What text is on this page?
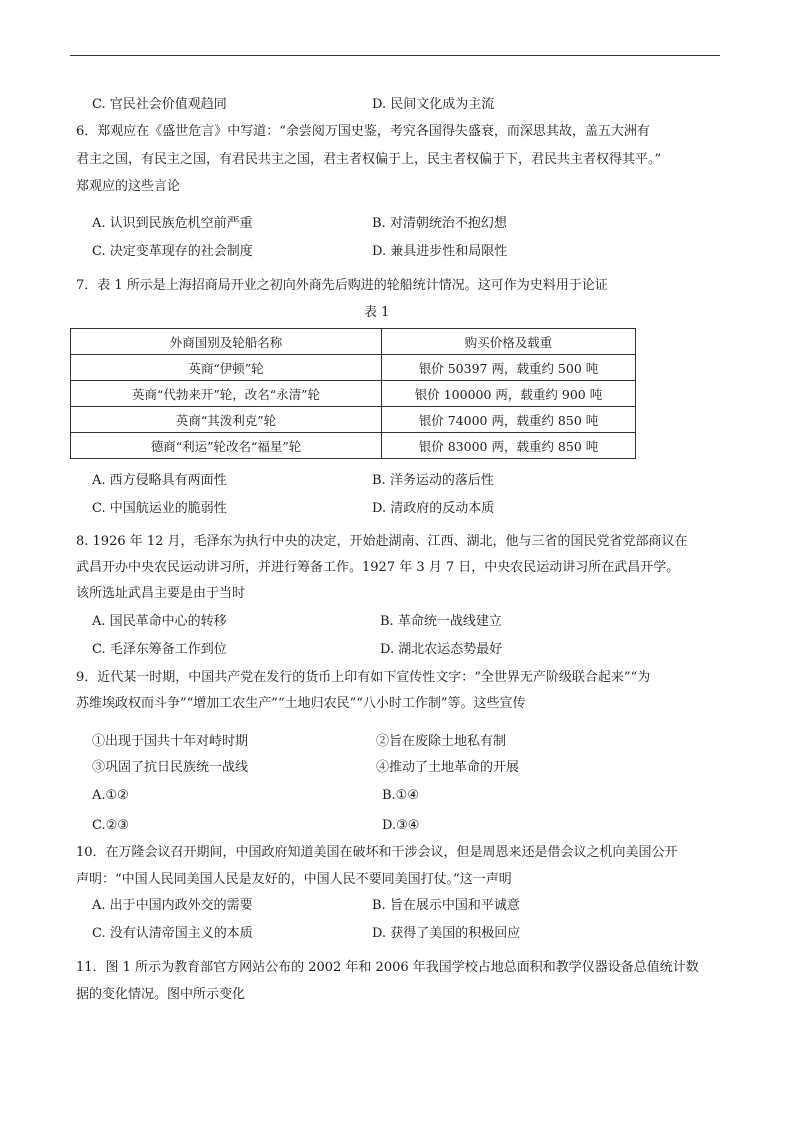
C. 官民社会价值观趋同	D. 民间文化成为主流
6．郑观应在《盛世危言》中写道：“余尝阅万国史鉴，考究各国得失盛衰，而深思其故，盖五大洲有
君主之国，有民主之国，有君民共主之国，君主者权偏于上，民主者权偏于下，君民共主者权得其平。”
郑观应的这些言论
A. 认识到民族危机空前严重	B. 对清朝统治不抱幻想
C. 决定变革现存的社会制度	D. 兼具进步性和局限性
7．表 1 所示是上海招商局开业之初向外商先后购进的轮船统计情况。这可作为史料用于论证
表 1
外商国别及轮船名称	购买价格及载重
英商“伊顿”轮	银价 50397 两，载重约 500 吨
英商“代勃来开”轮，改名“永清”轮	银价 100000 两，载重约 900 吨
英商“其泼利克”轮	银价 74000 两，载重约 850 吨
德商“利运”轮改名“福星”轮	银价 83000 两，载重约 850 吨
A. 西方侵略具有两面性	B. 洋务运动的落后性
C. 中国航运业的脆弱性	D. 清政府的反动本质
8. 1926 年 12 月，毛泽东为执行中央的决定，开始赴湖南、江西、湖北，他与三省的国民党省党部商议在
武昌开办中央农民运动讲习所，并进行筹备工作。1927 年 3 月 7 日，中央农民运动讲习所在武昌开学。
该所选址武昌主要是由于当时
A. 国民革命中心的转移	B. 革命统一战线建立
C. 毛泽东筹备工作到位	D. 湖北农运态势最好
9．近代某一时期，中国共产党在发行的货币上印有如下宣传性文字：“全世界无产阶级联合起来”“为
苏维埃政权而斗争”“增加工农生产”“土地归农民”“八小时工作制”等。这些宣传
①出现于国共十年对峙时期	②旨在废除土地私有制
③巩固了抗日民族统一战线	④推动了土地革命的开展
A.①②	B.①④
C.②③	D.③④
10．在万隆会议召开期间，中国政府知道美国在破坏和干涉会议，但是周恩来还是借会议之机向美国公开
声明：“中国人民同美国人民是友好的，中国人民不要同美国打仗。”这一声明
A. 出于中国内政外交的需要	B. 旨在展示中国和平诚意
C. 没有认清帝国主义的本质	D. 获得了美国的积极回应
11．图 1 所示为教育部官方网站公布的 2002 年和 2006 年我国学校占地总面积和教学仪器设备总值统计数
据的变化情况。图中所示变化
